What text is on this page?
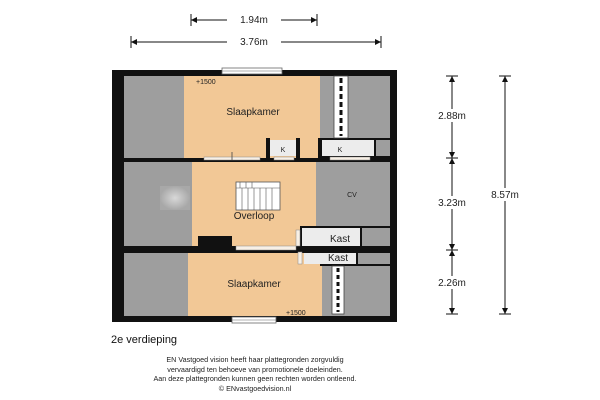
1.94m
3.76m
2.88m
3.23m
2.26m
8.57m
K	K
Kast
Kast
Slaapkamer
Overloop
Slaapkamer
CV
+1500
+1500
2e verdieping
EN Vastgoed vision heeft haar plattegronden zorgvuldig
vervaardigd ten behoeve van promotionele doeleinden.
Aan deze plattegronden kunnen geen rechten worden ontleend.
© ENvastgoedvision.nl
